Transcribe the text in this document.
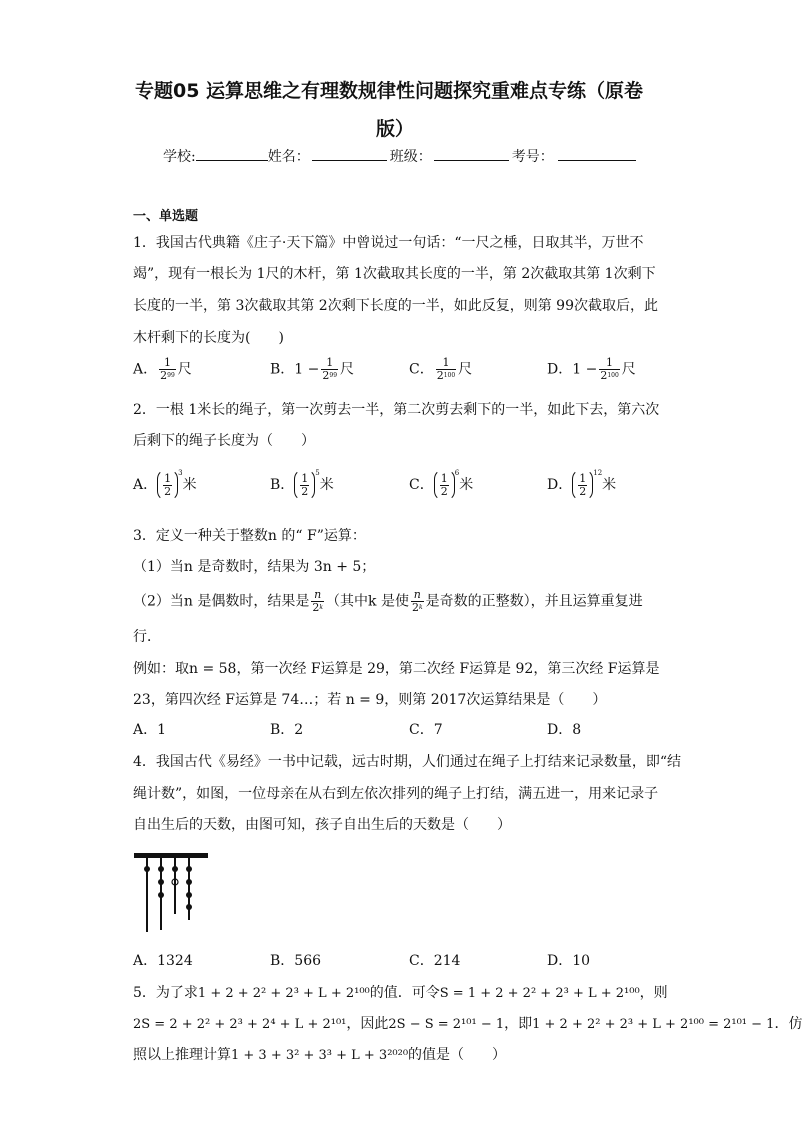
专题05 运算思维之有理数规律性问题探究重难点专练（原卷
版）
学校:	姓名：	班级：	考号：
一、单选题
1．我国古代典籍《庄子·天下篇》中曾说过一句话：“一尺之棰，日取其半，万世不
竭”，现有一根长为 1尺的木杆，第 1次截取其长度的一半，第 2次截取其第 1次剩下
长度的一半，第 3次截取其第 2次剩下长度的一半，如此反复，则第 99次截取后，此
木杆剩下的长度为(　　)
A． $\frac{1}{2^{99}}$ 尺	B．$1 - \frac{1}{2^{99}}$ 尺	C． $\frac{1}{2^{100}}$ 尺	D．$1 - \frac{1}{2^{100}}$ 尺
2．一根 1米长的绳子，第一次剪去一半，第二次剪去剩下的一半，如此下去，第六次
后剩下的绳子长度为（　　）
A． $\frac{1}{2} ^3$米	B． $\frac{1}{2} ^5$米	C． $\frac{1}{2} ^6$米	D． $\frac{1}{2} ^{12}$米
3．定义一种关于整数n 的“ F”运算：
（1）当n 是奇数时，结果为 3n + 5；
（2）当n 是偶数时，结果是 $\frac{n}{2^k}$ （其中k 是使 $\frac{n}{2^k}$ 是奇数的正整数），并且运算重复进
行．
例如：取n = 58，第一次经 F运算是 29，第二次经 F运算是 92，第三次经 F运算是
23，第四次经 F运算是 74…；若 n = 9，则第 2017次运算结果是（　　）
A．1	B．2	C．7	D．8
4．我国古代《易经》一书中记载，远古时期，人们通过在绳子上打结来记录数量，即“结
绳计数”，如图，一位母亲在从右到左依次排列的绳子上打结，满五进一，用来记录子
自出生后的天数，由图可知，孩子自出生后的天数是（　　）
A．1324	B．566	C．214	D．10
5．为了求1 + 2 + 2² + 2³ + L + 2¹⁰⁰的值．可令S = 1 + 2 + 2² + 2³ + L + 2¹⁰⁰，则
2S = 2 + 2² + 2³ + 2⁴ + L + 2¹⁰¹，因此2S − S = 2¹⁰¹ − 1，即1 + 2 + 2² + 2³ + L + 2¹⁰⁰ = 2¹⁰¹ − 1．仿
照以上推理计算1 + 3 + 3² + 3³ + L + 3²⁰²⁰的值是（　　）
